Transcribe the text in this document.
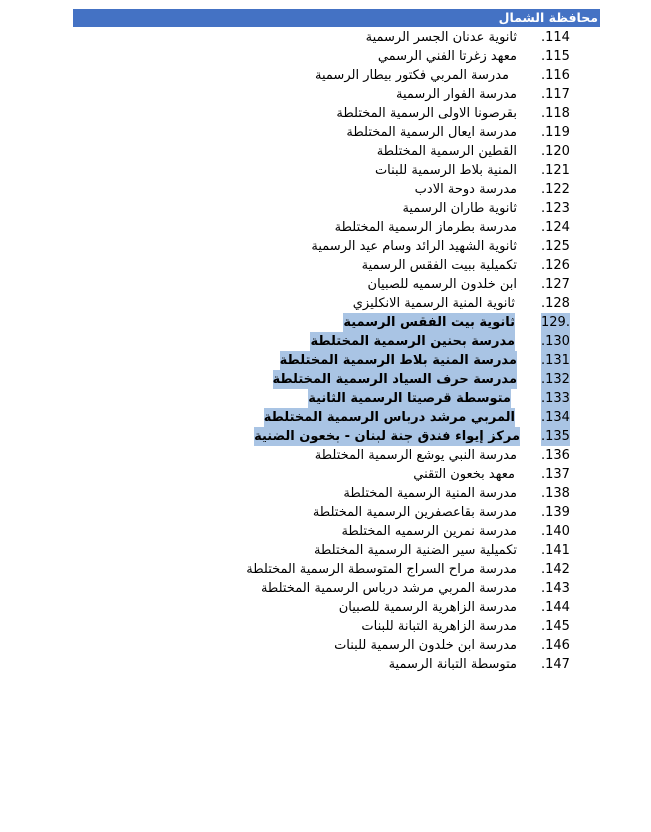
محافظة الشمال
ثانوية عدنان الجسر الرسمية .114
معهد زغرتا الفني الرسمي .115
مدرسة المربي فكتور بيطار الرسمية .116
مدرسة الفوار الرسمية .117
بقرصونا الاولى الرسمية المختلطة .118
مدرسة ايعال الرسمية المختلطة .119
القطين الرسمية المختلطة .120
المنية بلاط الرسمية للبنات .121
مدرسة دوحة الادب .122
ثانوية طاران الرسمية .123
مدرسة بطرماز الرسمية المختلطة .124
ثانوية الشهيد الرائد وسام عيد الرسمية .125
تكميلية ببيت الفقس الرسمية .126
ابن خلدون الرسميه للصبيان .127
ثانوية المنية الرسمية الانكليزي .128
ثانوية بيت الفقس الرسمية 129.
مدرسة بحنين الرسمية المختلطة .130
مدرسة المنية بلاط الرسمية المختلطة .131
مدرسة حرف السياد الرسمية المختلطة .132
متوسطة قرصيتا الرسمية الثانية .133
المربي مرشد درباس الرسمية المختلطة .134
مركز إيواء فندق جنة لبنان - بخعون الضنية .135
مدرسة النبي يوشع الرسمية المختلطة .136
معهد بخعون التقني .137
مدرسة المنية الرسمية المختلطة .138
مدرسة بقاعصفرين الرسمية المختلطة .139
مدرسة نمرين الرسميه المختلطة .140
تكميلية سير الضنية الرسمية المختلطة .141
مدرسة مراح السراج المتوسطة الرسمية المختلطة .142
مدرسة المربي مرشد درباس الرسمية المختلطة .143
مدرسة الزاهرية الرسمية للصبيان .144
مدرسة الزاهرية التبانة للبنات .145
مدرسة ابن خلدون الرسمية للبنات .146
متوسطة التبانة الرسمية .147
